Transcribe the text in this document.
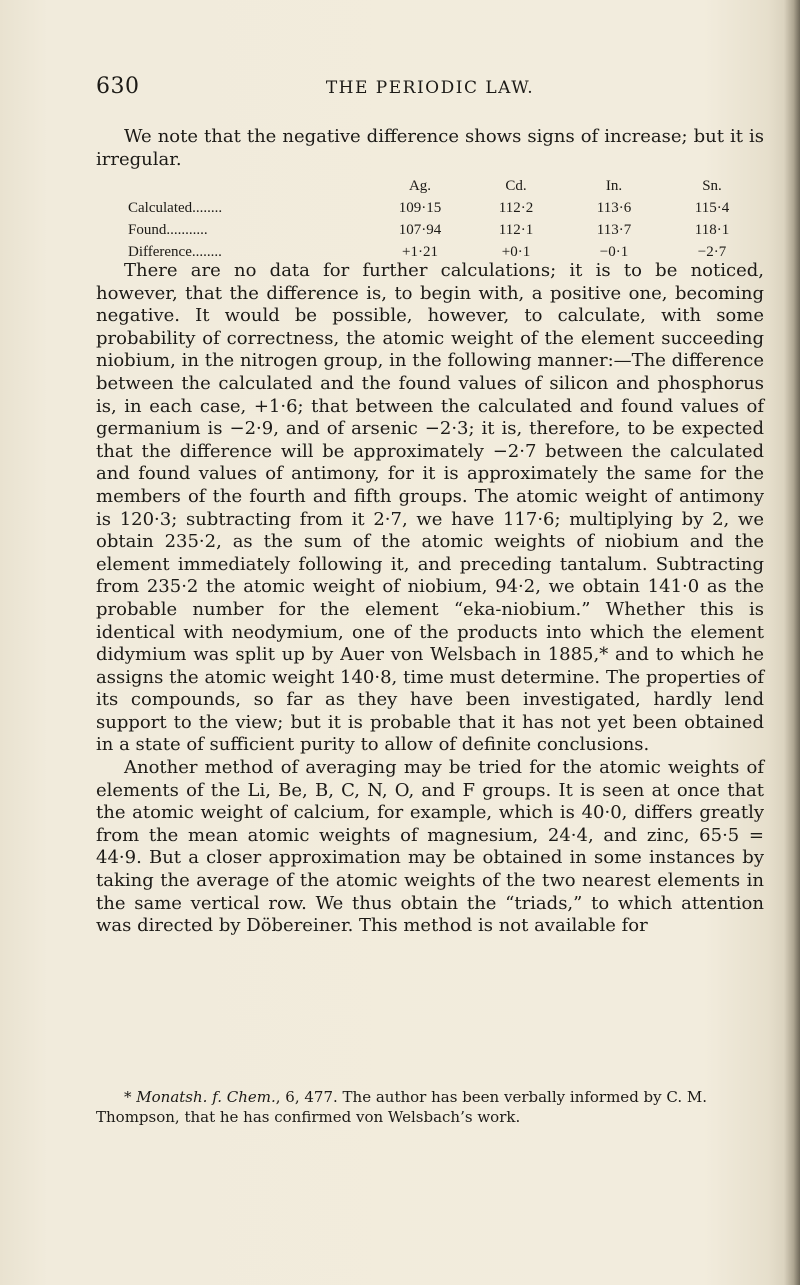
630	THE PERIODIC LAW.

We note that the negative difference shows signs of increase; but it is irregular.

Ag.	Cd.	In.	Sn.
Calculated........	109·15	112·2	113·6	115·4
Found...........	107·94	112·1	113·7	118·1
Difference........	+1·21	+0·1	−0·1	−2·7

There are no data for further calculations; it is to be noticed, however, that the difference is, to begin with, a positive one, becoming negative. It would be possible, however, to calculate, with some probability of correctness, the atomic weight of the element succeeding niobium, in the nitrogen group, in the following manner:—The difference between the calculated and the found values of silicon and phosphorus is, in each case, +1·6; that between the calculated and found values of germanium is −2·9, and of arsenic −2·3; it is, therefore, to be expected that the difference will be approximately −2·7 between the calculated and found values of antimony, for it is approximately the same for the members of the fourth and fifth groups. The atomic weight of antimony is 120·3; subtracting from it 2·7, we have 117·6; multiplying by 2, we obtain 235·2, as the sum of the atomic weights of niobium and the element immediately following it, and preceding tantalum. Subtracting from 235·2 the atomic weight of niobium, 94·2, we obtain 141·0 as the probable number for the element “eka-niobium.” Whether this is identical with neodymium, one of the products into which the element didymium was split up by Auer von Welsbach in 1885,* and to which he assigns the atomic weight 140·8, time must determine. The properties of its compounds, so far as they have been investigated, hardly lend support to the view; but it is probable that it has not yet been obtained in a state of sufficient purity to allow of definite conclusions.

Another method of averaging may be tried for the atomic weights of elements of the Li, Be, B, C, N, O, and F groups. It is seen at once that the atomic weight of calcium, for example, which is 40·0, differs greatly from the mean atomic weights of magnesium, 24·4, and zinc, 65·5 = 44·9. But a closer approximation may be obtained in some instances by taking the average of the atomic weights of the two nearest elements in the same vertical row. We thus obtain the “triads,” to which attention was directed by Döbereiner. This method is not available for

* Monatsh. f. Chem., 6, 477. The author has been verbally informed by C. M. Thompson, that he has confirmed von Welsbach’s work.
